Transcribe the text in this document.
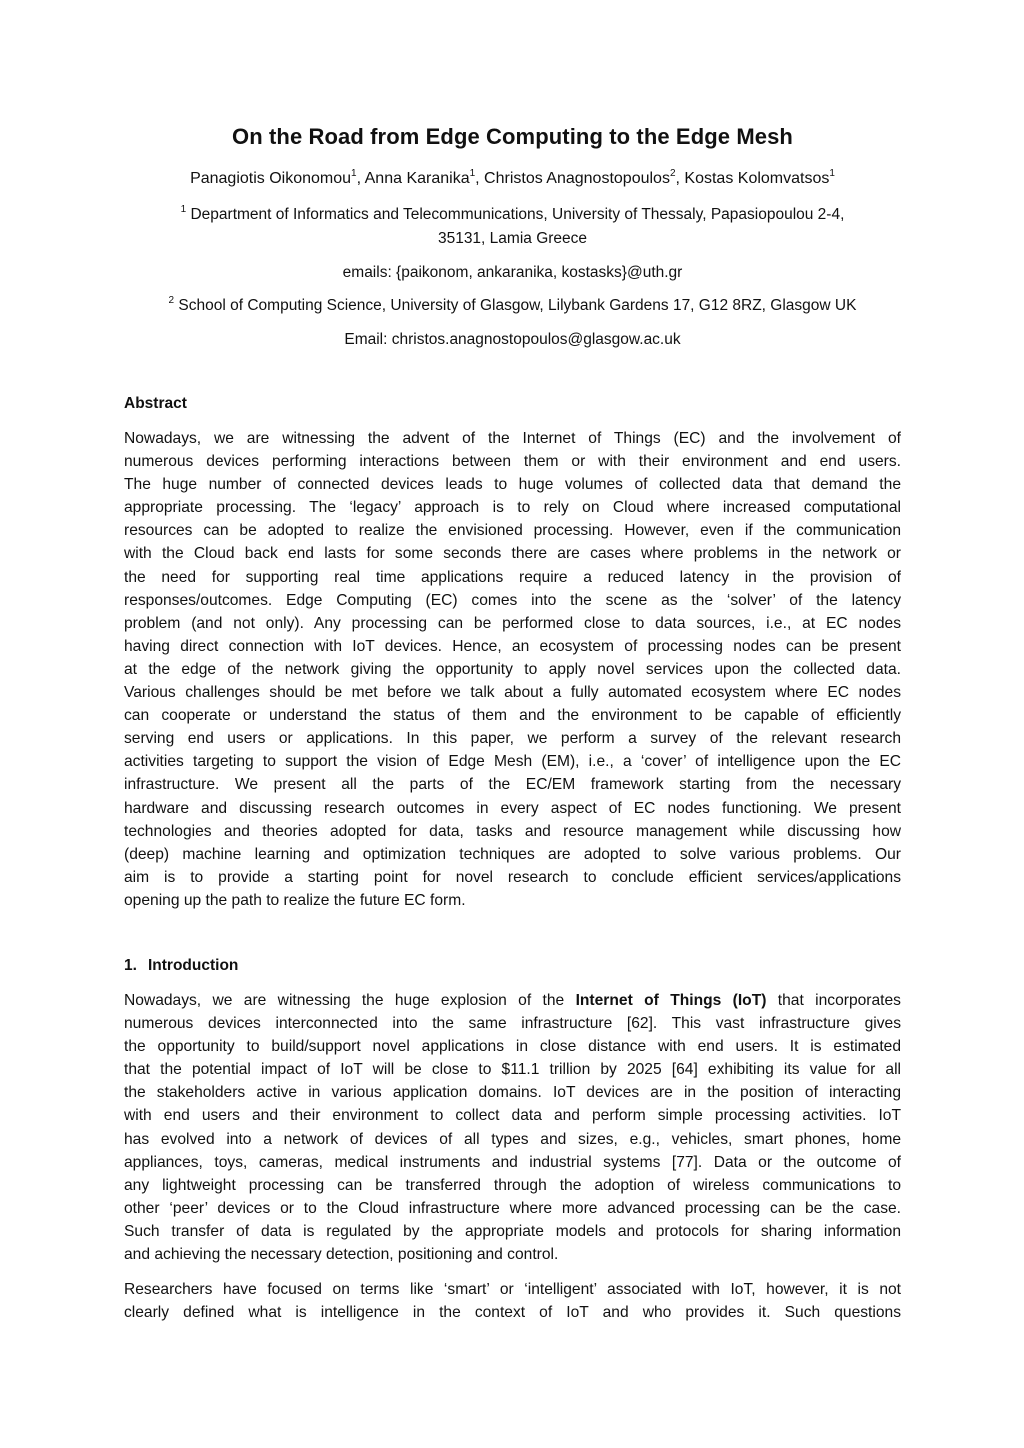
On the Road from Edge Computing to the Edge Mesh
Panagiotis Oikonomou$^1$, Anna Karanika$^1$, Christos Anagnostopoulos$^2$, Kostas Kolomvatsos$^1$
$^1$ Department of Informatics and Telecommunications, University of Thessaly, Papasiopoulou 2-4,
35131, Lamia Greece
emails: {paikonom, ankaranika, kostasks}@uth.gr
$^2$ School of Computing Science, University of Glasgow, Lilybank Gardens 17, G12 8RZ, Glasgow UK
Email: christos.anagnostopoulos@glasgow.ac.uk
Abstract
Nowadays, we are witnessing the advent of the Internet of Things (EC) and the involvement of
numerous devices performing interactions between them or with their environment and end users.
The huge number of connected devices leads to huge volumes of collected data that demand the
appropriate processing. The ‘legacy’ approach is to rely on Cloud where increased computational
resources can be adopted to realize the envisioned processing. However, even if the communication
with the Cloud back end lasts for some seconds there are cases where problems in the network or
the need for supporting real time applications require a reduced latency in the provision of
responses/outcomes. Edge Computing (EC) comes into the scene as the ‘solver’ of the latency
problem (and not only). Any processing can be performed close to data sources, i.e., at EC nodes
having direct connection with IoT devices. Hence, an ecosystem of processing nodes can be present
at the edge of the network giving the opportunity to apply novel services upon the collected data.
Various challenges should be met before we talk about a fully automated ecosystem where EC nodes
can cooperate or understand the status of them and the environment to be capable of efficiently
serving end users or applications. In this paper, we perform a survey of the relevant research
activities targeting to support the vision of Edge Mesh (EM), i.e., a ‘cover’ of intelligence upon the EC
infrastructure. We present all the parts of the EC/EM framework starting from the necessary
hardware and discussing research outcomes in every aspect of EC nodes functioning. We present
technologies and theories adopted for data, tasks and resource management while discussing how
(deep) machine learning and optimization techniques are adopted to solve various problems. Our
aim is to provide a starting point for novel research to conclude efficient services/applications
opening up the path to realize the future EC form.
1. Introduction
Nowadays, we are witnessing the huge explosion of the Internet of Things (IoT) that incorporates
numerous devices interconnected into the same infrastructure [62]. This vast infrastructure gives
the opportunity to build/support novel applications in close distance with end users. It is estimated
that the potential impact of IoT will be close to $11.1 trillion by 2025 [64] exhibiting its value for all
the stakeholders active in various application domains. IoT devices are in the position of interacting
with end users and their environment to collect data and perform simple processing activities. IoT
has evolved into a network of devices of all types and sizes, e.g., vehicles, smart phones, home
appliances, toys, cameras, medical instruments and industrial systems [77]. Data or the outcome of
any lightweight processing can be transferred through the adoption of wireless communications to
other ‘peer’ devices or to the Cloud infrastructure where more advanced processing can be the case.
Such transfer of data is regulated by the appropriate models and protocols for sharing information
and achieving the necessary detection, positioning and control.
Researchers have focused on terms like ‘smart’ or ‘intelligent’ associated with IoT, however, it is not
clearly defined what is intelligence in the context of IoT and who provides it. Such questions
